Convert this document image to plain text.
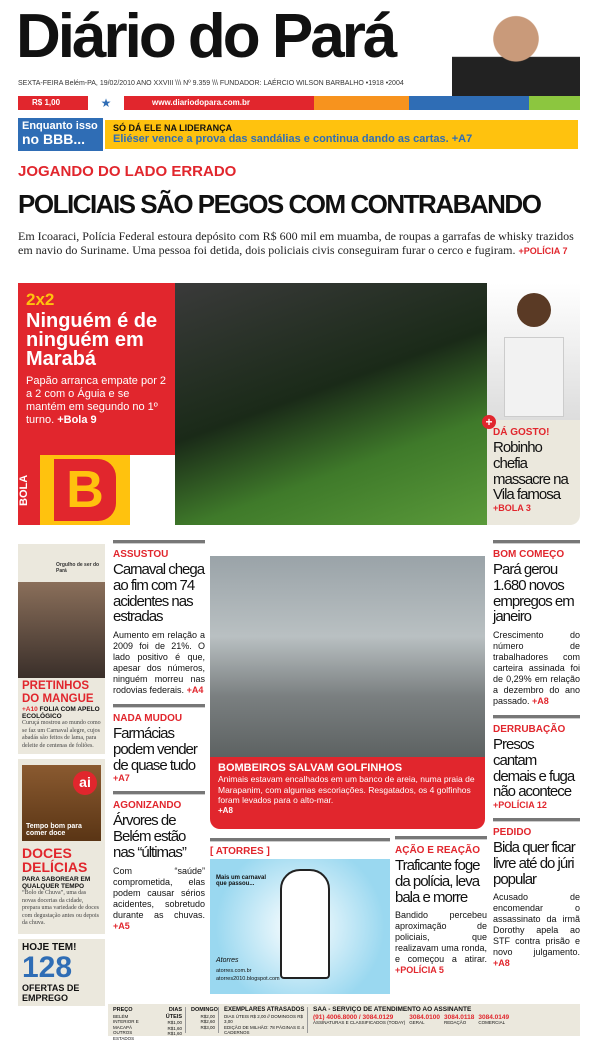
Diário do Pará
SEXTA-FEIRA Belém-PA, 19/02/2010 ANO XXVIII \\\ Nº 9.359 \\\ FUNDADOR: LAÉRCIO WILSON BARBALHO •1918 •2004
R$ 1,00	★	www.diariodopara.com.br
Enquanto isso
no BBB...
SÓ DÁ ELE NA LIDERANÇA
Eliéser vence a prova das sandálias e continua dando as cartas. +A7
JOGANDO DO LADO ERRADO
POLICIAIS SÃO PEGOS COM CONTRABANDO
Em Icoaraci, Polícia Federal estoura depósito com R$ 600 mil em muamba, de roupas a garrafas de whisky trazidos em navio do Suriname. Uma pessoa foi detida, dois policiais civis conseguiram furar o cerco e fugiram. +POLÍCIA 7
2x2
Ninguém é de ninguém em Marabá
Papão arranca empate por 2 a 2 com o Águia e se mantém em segundo no 1º turno. +Bola 9
BOLA B
DÁ GOSTO!
Robinho chefia massacre na Vila famosa
+BOLA 3
+
Orgulho de ser do Pará
PRETINHOS DO MANGUE
+A10 FOLIA COM APELO ECOLÓGICO
Curuçá mostrou ao mundo como se faz um Carnaval alegre, cujos abadás são feitos de lama, para deleite de centenas de foliões.
ai
Tempo bom para comer doce
DOCES DELÍCIAS
PARA SABOREAR EM QUALQUER TEMPO
“Bolo de Chuva”, uma das novas docerias da cidade, prepara uma variedade de doces com degustação antes ou depois da chuva.
HOJE TEM!
128
OFERTAS DE EMPREGO
ASSUSTOU
Carnaval chega ao fim com 74 acidentes nas estradas
Aumento em relação a 2009 foi de 21%. O lado positivo é que, apesar dos números, ninguém morreu nas rodovias federais. +A4
NADA MUDOU
Farmácias podem vender de quase tudo
+A7
AGONIZANDO
Árvores de Belém estão nas “últimas”
Com “saúde” comprometida, elas podem causar sérios acidentes, sobretudo durante as chuvas. +A5
BOMBEIROS SALVAM GOLFINHOS
Animais estavam encalhados em um banco de areia, numa praia de Marapanim, com algumas escoriações. Resgatados, os 4 golfinhos foram levados para o alto-mar.
+A8
[ ATORRES ]
Mais um carnaval que passou...
Atorres
atorres.com.br
atorres2010.blogspot.com
AÇÃO E REAÇÃO
Traficante foge da polícia, leva bala e morre
Bandido percebeu aproximação de policiais, que realizavam uma ronda, e começou a atirar. +POLÍCIA 5
BOM COMEÇO
Pará gerou 1.680 novos empregos em janeiro
Crescimento do número de trabalhadores com carteira assinada foi de 0,29% em relação a dezembro do ano passado. +A8
DERRUBAÇÃO
Presos cantam demais e fuga não acontece
+POLÍCIA 12
PEDIDO
Bida quer ficar livre até do júri popular
Acusado de encomendar o assassinato da irmã Dorothy apela ao STF contra prisão e novo julgamento. +A8
PREÇO
BELÉM
INTERIOR E MACAPÁ
OUTROS ESTADOS
DIAS ÚTEIS
R$1,00
R$1,60
R$1,60
DOMINGO
R$2,00
R$2,60
R$3,00
EXEMPLARES ATRASADOS
DIAS ÚTEIS R$ 2,00 // DOMINGOS R$ 3,00
EDIÇÃO DE MILHÃO: 78 PÁGINAS E 4 CADERNOS
SAA - SERVIÇO DE ATENDIMENTO AO ASSINANTE
(91) 4006.8000 / 3084.0129
ASSINATURAS E CLASSIFICADOS (TODAY)
3084.0100
GERAL
3084.0118
REDAÇÃO
3084.0149
COMERCIAL
